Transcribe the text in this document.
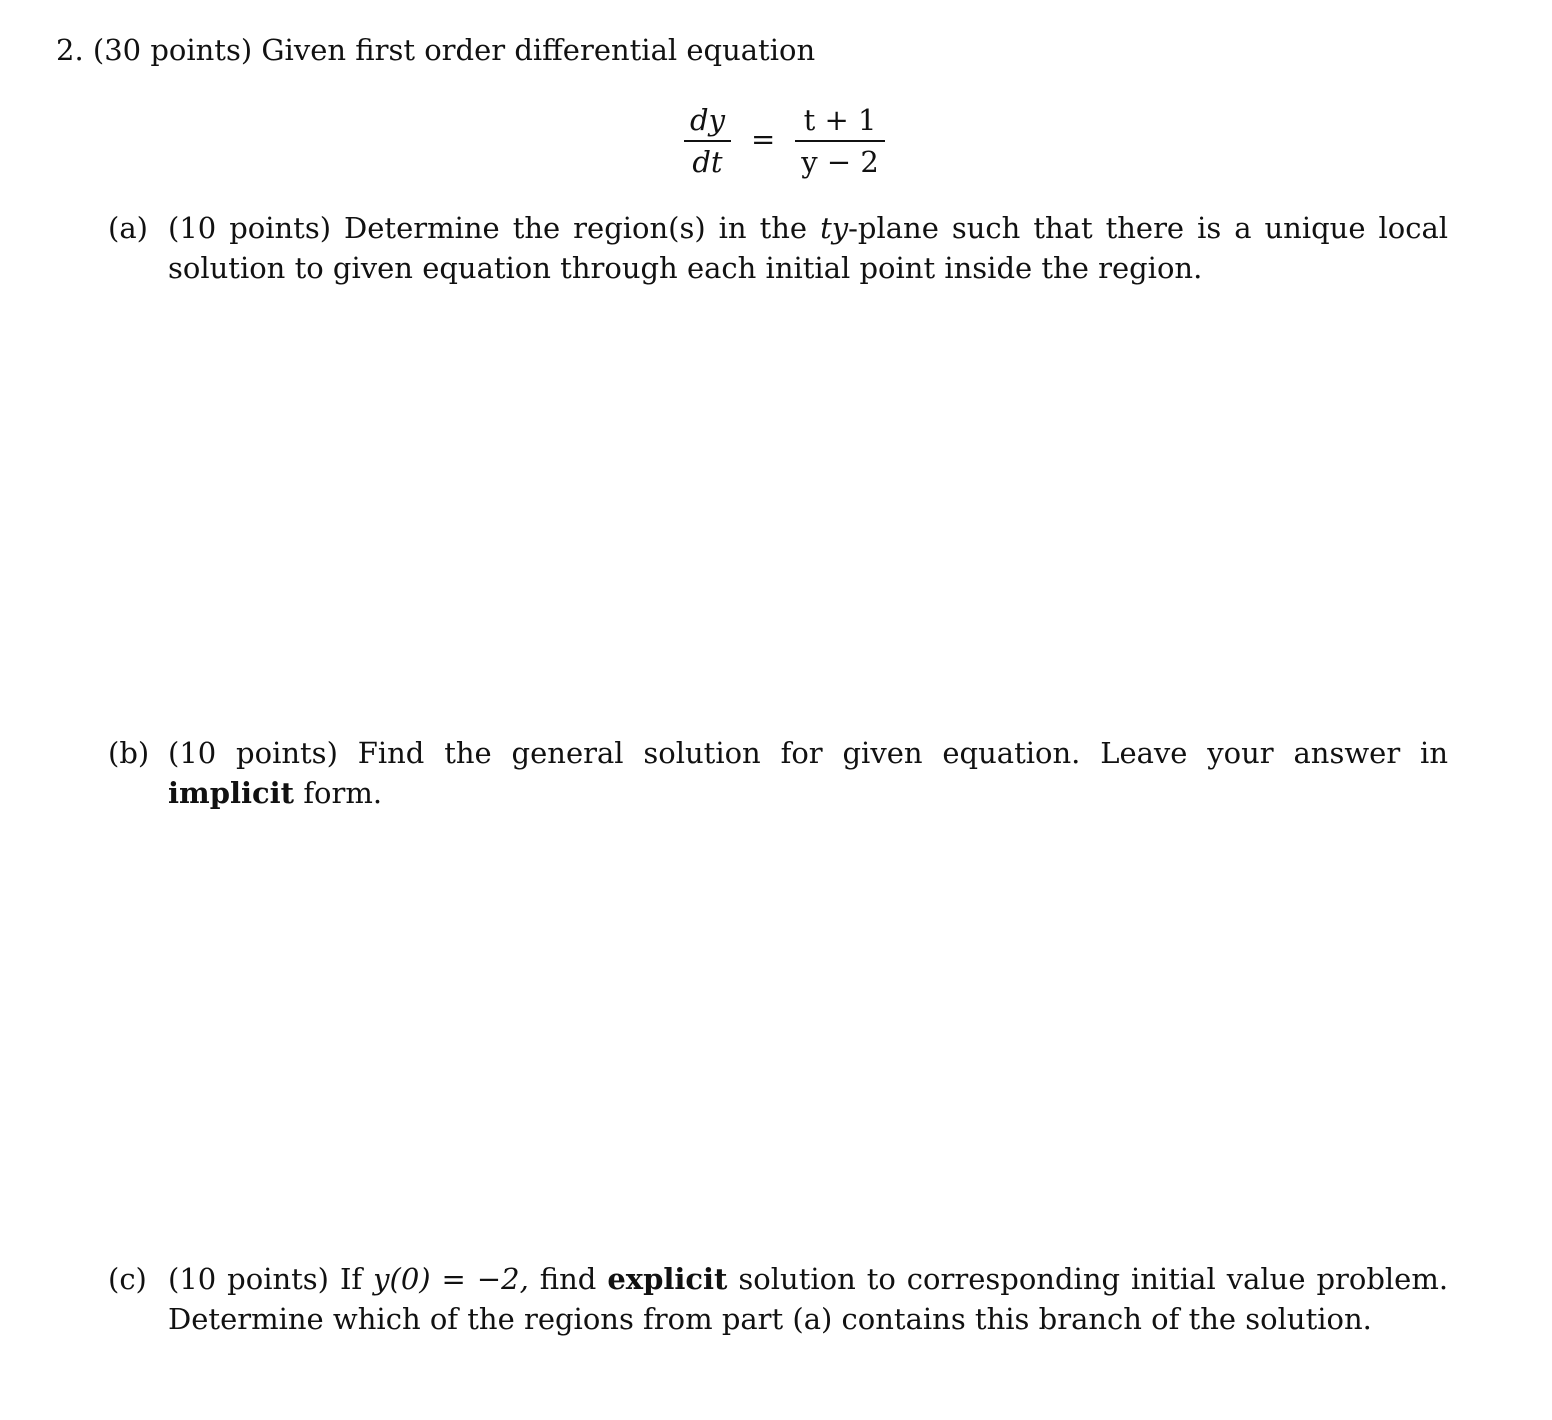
2. (30 points) Given first order differential equation
$\frac{dy}{dt} = \frac{t + 1}{y - 2}$
(a) (10 points) Determine the region(s) in the ty-plane such that there is a unique local solution to given equation through each initial point inside the region.
(b) (10 points) Find the general solution for given equation. Leave your answer in implicit form.
(c) (10 points) If y(0) = −2, find explicit solution to corresponding initial value problem. Determine which of the regions from part (a) contains this branch of the solution.
